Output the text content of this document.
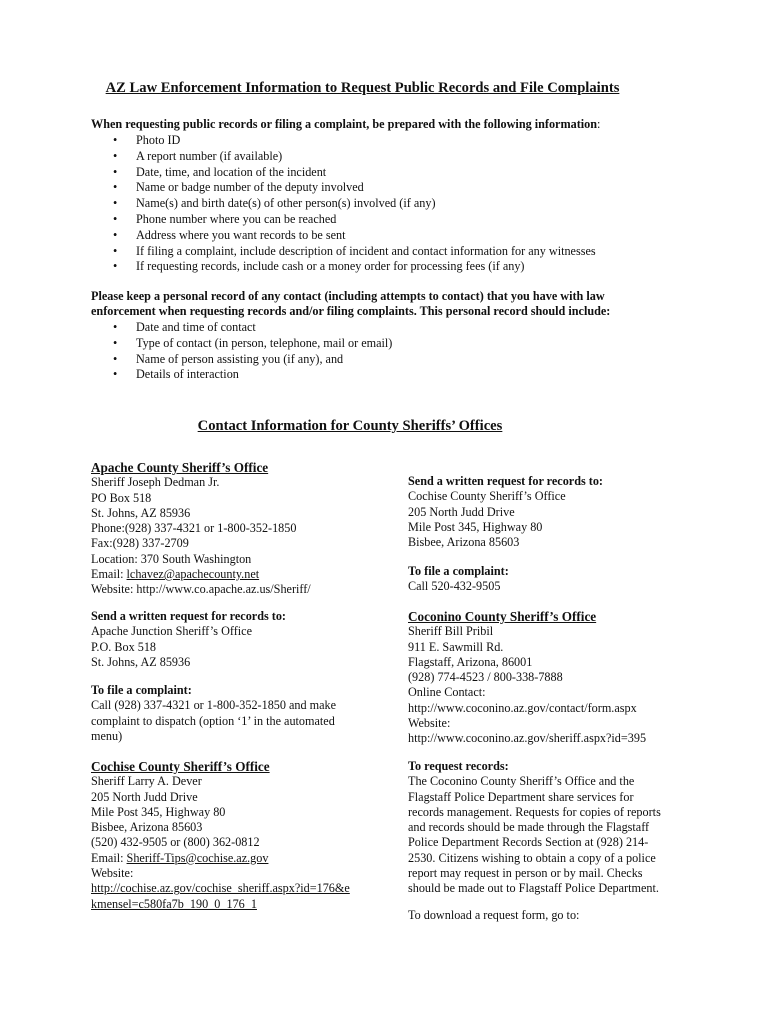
AZ Law Enforcement Information to Request Public Records and File Complaints
When requesting public records or filing a complaint, be prepared with the following information:
• Photo ID
• A report number (if available)
• Date, time, and location of the incident
• Name or badge number of the deputy involved
• Name(s) and birth date(s) of other person(s) involved (if any)
• Phone number where you can be reached
• Address where you want records to be sent
• If filing a complaint, include description of incident and contact information for any witnesses
• If requesting records, include cash or a money order for processing fees (if any)
Please keep a personal record of any contact (including attempts to contact) that you have with law
enforcement when requesting records and/or filing complaints. This personal record should include:
• Date and time of contact
• Type of contact (in person, telephone, mail or email)
• Name of person assisting you (if any), and
• Details of interaction
Contact Information for County Sheriffs’ Offices

Apache County Sheriff’s Office

Sheriff Joseph Dedman Jr.

PO Box 518

St. Johns, AZ 85936

Phone:(928) 337-4321 or 1-800-352-1850

Fax:(928) 337-2709

Location: 370 South Washington

Email: lchavez@apachecounty.net

Website: http://www.co.apache.az.us/Sheriff/

Send a written request for records to:

Apache Junction Sheriff’s Office

P.O. Box 518

St. Johns, AZ 85936

To file a complaint:

Call (928) 337-4321 or 1-800-352-1850 and make

complaint to dispatch (option ‘1’ in the automated

menu)

Cochise County Sheriff’s Office

Sheriff Larry A. Dever

205 North Judd Drive

Mile Post 345, Highway 80

Bisbee, Arizona 85603

(520) 432-9505 or (800) 362-0812

Email: Sheriff-Tips@cochise.az.gov

Website:

http://cochise.az.gov/cochise_sheriff.aspx?id=176&e

kmensel=c580fa7b_190_0_176_1

Send a written request for records to:

Cochise County Sheriff’s Office

205 North Judd Drive

Mile Post 345, Highway 80

Bisbee, Arizona 85603

To file a complaint:

Call 520-432-9505

Coconino County Sheriff’s Office

Sheriff Bill Pribil

911 E. Sawmill Rd.

Flagstaff, Arizona, 86001

(928) 774-4523 / 800-338-7888

Online Contact:

http://www.coconino.az.gov/contact/form.aspx

Website:

http://www.coconino.az.gov/sheriff.aspx?id=395

To request records:

The Coconino County Sheriff’s Office and the

Flagstaff Police Department share services for

records management. Requests for copies of reports

and records should be made through the Flagstaff

Police Department Records Section at (928) 214-

2530. Citizens wishing to obtain a copy of a police

report may request in person or by mail. Checks

should be made out to Flagstaff Police Department.

To download a request form, go to:
